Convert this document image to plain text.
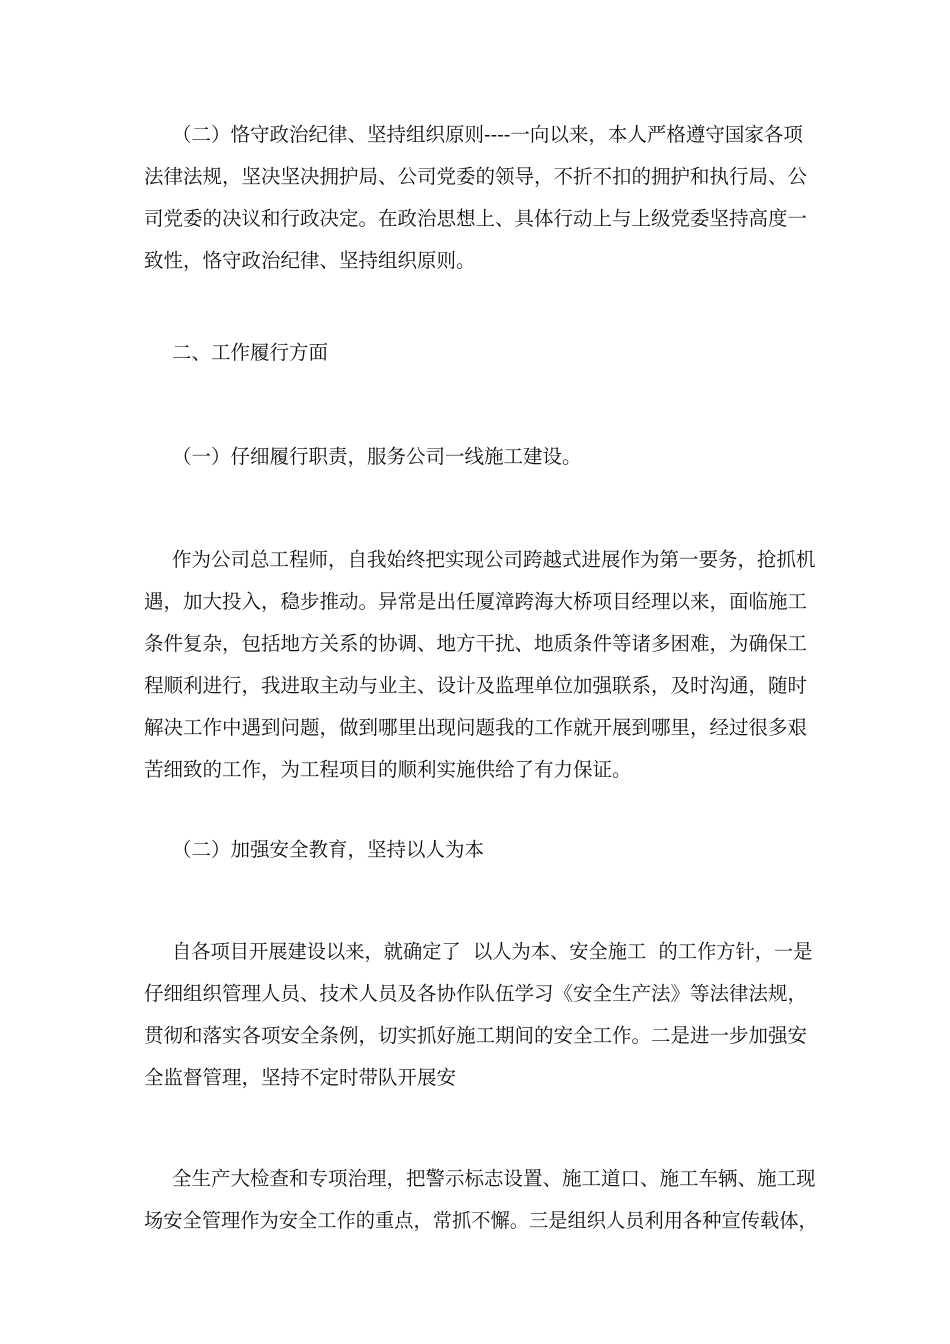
（二）恪守政治纪律、坚持组织原则----一向以来，本人严格遵守国家各项
法律法规，坚决坚决拥护局、公司党委的领导，不折不扣的拥护和执行局、公
司党委的决议和行政决定。在政治思想上、具体行动上与上级党委坚持高度一
致性，恪守政治纪律、坚持组织原则。
二、工作履行方面
（一）仔细履行职责，服务公司一线施工建设。
作为公司总工程师，自我始终把实现公司跨越式进展作为第一要务，抢抓机
遇，加大投入，稳步推动。异常是出任厦漳跨海大桥项目经理以来，面临施工
条件复杂，包括地方关系的协调、地方干扰、地质条件等诸多困难，为确保工
程顺利进行，我进取主动与业主、设计及监理单位加强联系，及时沟通，随时
解决工作中遇到问题，做到哪里出现问题我的工作就开展到哪里，经过很多艰
苦细致的工作，为工程项目的顺利实施供给了有力保证。
（二）加强安全教育，坚持以人为本
自各项目开展建设以来，就确定了  以人为本、安全施工  的工作方针，一是
仔细组织管理人员、技术人员及各协作队伍学习《安全生产法》等法律法规，
贯彻和落实各项安全条例，切实抓好施工期间的安全工作。二是进一步加强安
全监督管理，坚持不定时带队开展安
全生产大检查和专项治理，把警示标志设置、施工道口、施工车辆、施工现
场安全管理作为安全工作的重点，常抓不懈。三是组织人员利用各种宣传载体，
